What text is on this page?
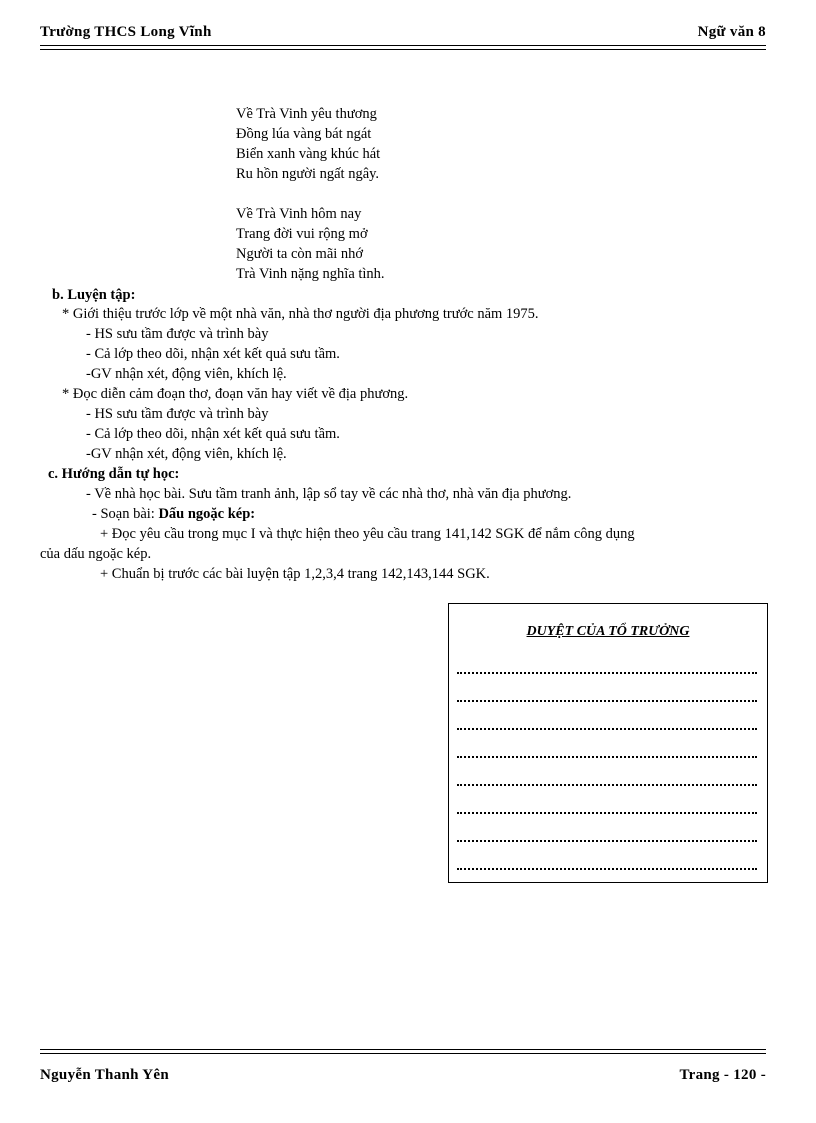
Trường THCS Long Vĩnh	Ngữ văn 8
Về Trà Vinh yêu thương
Đồng lúa vàng bát ngát
Biển xanh vàng khúc hát
Ru hồn người ngất ngây.
Về Trà Vinh hôm nay
Trang đời vui rộng mở
Người ta còn mãi nhớ
Trà Vinh nặng nghĩa tình.
b. Luyện tập:
* Giới thiệu trước lớp về một nhà văn, nhà thơ người địa phương trước năm 1975.
- HS sưu tầm được và trình bày
- Cả lớp theo dõi, nhận xét kết quả sưu tầm.
-GV nhận xét, động viên, khích lệ.
* Đọc diễn cảm đoạn thơ, đoạn văn hay viết về địa phương.
- HS sưu tầm được và trình bày
- Cả lớp theo dõi, nhận xét kết quả sưu tầm.
-GV nhận xét, động viên, khích lệ.
c. Hướng dẫn tự học:
- Về nhà học bài. Sưu tầm tranh ảnh, lập sổ tay về các nhà thơ, nhà văn địa phương.
- Soạn bài: Dấu ngoặc kép:
+ Đọc yêu cầu trong mục I và thực hiện theo yêu cầu trang 141,142 SGK để nắm công dụng
của dấu ngoặc kép.
+ Chuẩn bị trước các bài luyện tập 1,2,3,4 trang 142,143,144 SGK.
DUYỆT CỦA TỔ TRƯỞNG
Nguyễn Thanh Yên	Trang - 120 -
